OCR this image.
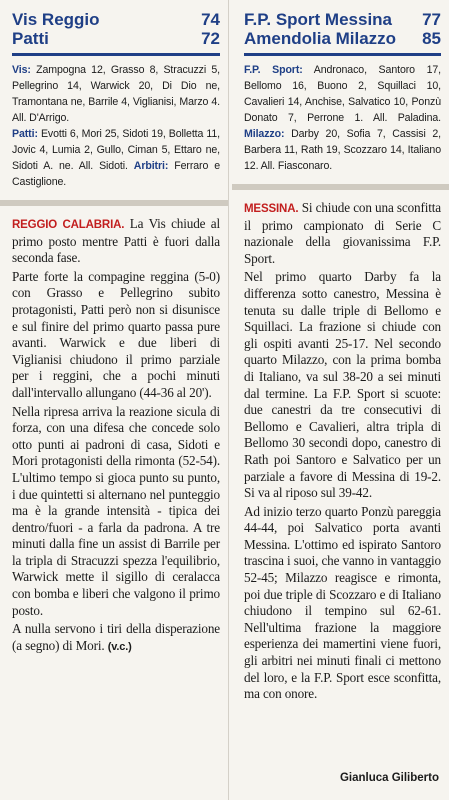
Vis Reggio	74
Patti	72
Vis: Zampogna 12, Grasso 8, Stracuzzi 5, Pellegrino 14, Warwick 20, Di Dio ne, Tramontana ne, Barrile 4, Viglianisi, Marzo 4. All. D'Arrigo.
Patti: Evotti 6, Mori 25, Sidoti 19, Bolletta 11, Jovic 4, Lumia 2, Gullo, Ciman 5, Ettaro ne, Sidoti A. ne. All. Sidoti. Arbitri: Ferraro e Castiglione.

REGGIO CALABRIA. La Vis chiude al primo posto mentre Patti è fuori dalla seconda fase.

Parte forte la compagine reggina (5-0) con Grasso e Pellegrino subito protagonisti, Patti però non si disunisce e sul finire del primo quarto passa pure avanti. Warwick e due liberi di Viglianisi chiudono il primo parziale per i reggini, che a pochi minuti dall'intervallo allungano (44-36 al 20').

Nella ripresa arriva la reazione sicula di forza, con una difesa che concede solo otto punti ai padroni di casa, Sidoti e Mori protagonisti della rimonta (52-54). L'ultimo tempo si gioca punto su punto, i due quintetti si alternano nel punteggio ma è la grande intensità - tipica dei dentro/fuori - a farla da padrona. A tre minuti dalla fine un assist di Barrile per la tripla di Stracuzzi spezza l'equilibrio, Warwick mette il sigillo di ceralacca con bomba e liberi che valgono il primo posto.

A nulla servono i tiri della disperazione (a segno) di Mori. (v.c.)

F.P. Sport Messina 77
Amendolia Milazzo 85
F.P. Sport: Andronaco, Santoro 17, Bellomo 16, Buono 2, Squillaci 10, Cavalieri 14, Anchise, Salvatico 10, Ponzù Donato 7, Perrone 1. All. Paladina. Milazzo: Darby 20, Sofia 7, Cassisi 2, Barbera 11, Rath 19, Scozzaro 14, Italiano 12. All. Fiasconaro.

MESSINA. Si chiude con una sconfitta il primo campionato di Serie C nazionale della giovanissima F.P. Sport.

Nel primo quarto Darby fa la differenza sotto canestro, Messina è tenuta su dalle triple di Bellomo e Squillaci. La frazione si chiude con gli ospiti avanti 25-17. Nel secondo quarto Milazzo, con la prima bomba di Italiano, va sul 38-20 a sei minuti dal termine. La F.P. Sport si scuote: due canestri da tre consecutivi di Bellomo e Cavalieri, altra tripla di Bellomo 30 secondi dopo, canestro di Rath poi Santoro e Salvatico per un parziale a favore di Messina di 19-2. Si va al riposo sul 39-42.

Ad inizio terzo quarto Ponzù pareggia 44-44, poi Salvatico porta avanti Messina. L'ottimo ed ispirato Santoro trascina i suoi, che vanno in vantaggio 52-45; Milazzo reagisce e rimonta, poi due triple di Scozzaro e di Italiano chiudono il tempino sul 62-61. Nell'ultima frazione la maggiore esperienza dei mamertini viene fuori, gli arbitri nei minuti finali ci mettono del loro, e la F.P. Sport esce sconfitta, ma con onore.

Gianluca Giliberto
